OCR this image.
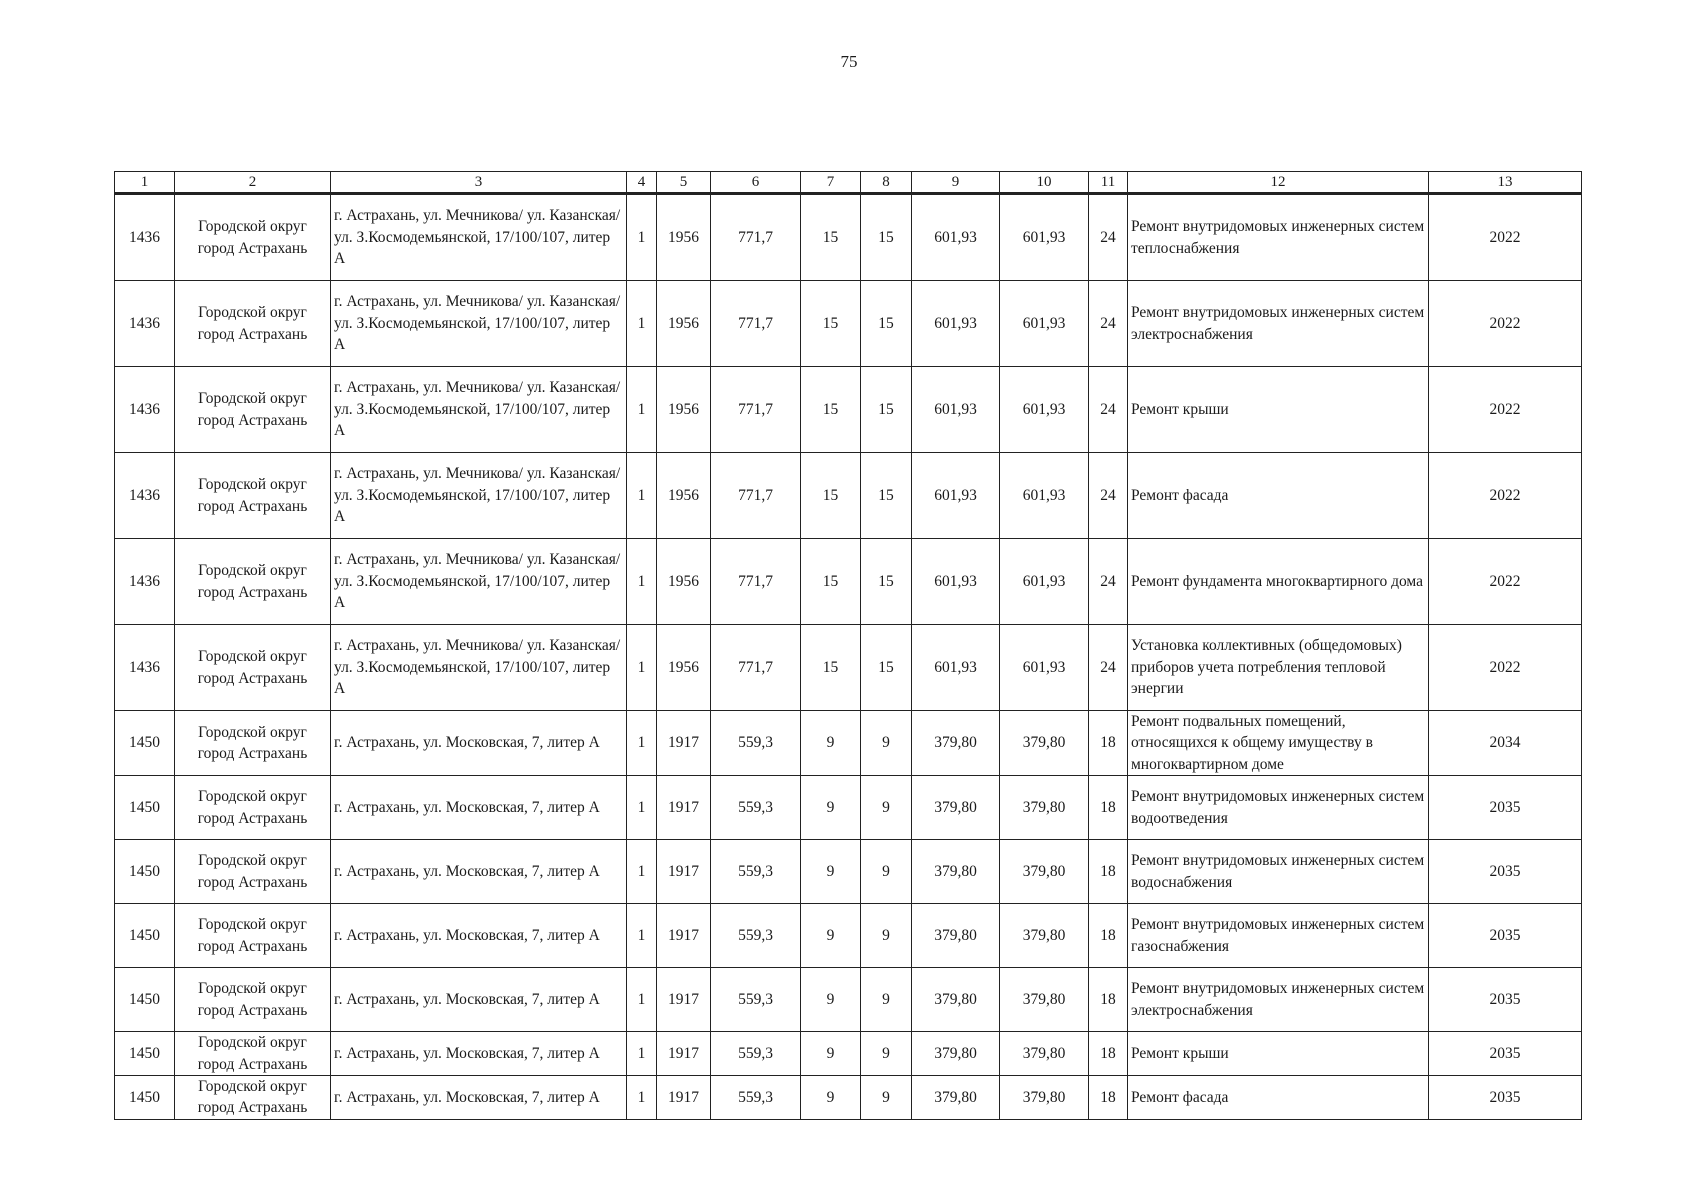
75
1	2	3	4	5	6	7	8	9	10	11	12	13
1436	Городской округ город Астрахань	г. Астрахань, ул. Мечникова/ ул. Казанская/ ул. З.Космодемьянской, 17/100/107, литер А	1	1956	771,7	15	15	601,93	601,93	24	Ремонт внутридомовых инженерных систем теплоснабжения	2022
1436	Городской округ город Астрахань	г. Астрахань, ул. Мечникова/ ул. Казанская/ ул. З.Космодемьянской, 17/100/107, литер А	1	1956	771,7	15	15	601,93	601,93	24	Ремонт внутридомовых инженерных систем электроснабжения	2022
1436	Городской округ город Астрахань	г. Астрахань, ул. Мечникова/ ул. Казанская/ ул. З.Космодемьянской, 17/100/107, литер А	1	1956	771,7	15	15	601,93	601,93	24	Ремонт крыши	2022
1436	Городской округ город Астрахань	г. Астрахань, ул. Мечникова/ ул. Казанская/ ул. З.Космодемьянской, 17/100/107, литер А	1	1956	771,7	15	15	601,93	601,93	24	Ремонт фасада	2022
1436	Городской округ город Астрахань	г. Астрахань, ул. Мечникова/ ул. Казанская/ ул. З.Космодемьянской, 17/100/107, литер А	1	1956	771,7	15	15	601,93	601,93	24	Ремонт фундамента многоквартирного дома	2022
1436	Городской округ город Астрахань	г. Астрахань, ул. Мечникова/ ул. Казанская/ ул. З.Космодемьянской, 17/100/107, литер А	1	1956	771,7	15	15	601,93	601,93	24	Установка коллективных (общедомовых) приборов учета потребления тепловой энергии	2022
1450	Городской округ город Астрахань	г. Астрахань, ул. Московская, 7, литер А	1	1917	559,3	9	9	379,80	379,80	18	Ремонт подвальных помещений, относящихся к общему имуществу в многоквартирном доме	2034
1450	Городской округ город Астрахань	г. Астрахань, ул. Московская, 7, литер А	1	1917	559,3	9	9	379,80	379,80	18	Ремонт внутридомовых инженерных систем водоотведения	2035
1450	Городской округ город Астрахань	г. Астрахань, ул. Московская, 7, литер А	1	1917	559,3	9	9	379,80	379,80	18	Ремонт внутридомовых инженерных систем водоснабжения	2035
1450	Городской округ город Астрахань	г. Астрахань, ул. Московская, 7, литер А	1	1917	559,3	9	9	379,80	379,80	18	Ремонт внутридомовых инженерных систем газоснабжения	2035
1450	Городской округ город Астрахань	г. Астрахань, ул. Московская, 7, литер А	1	1917	559,3	9	9	379,80	379,80	18	Ремонт внутридомовых инженерных систем электроснабжения	2035
1450	Городской округ город Астрахань	г. Астрахань, ул. Московская, 7, литер А	1	1917	559,3	9	9	379,80	379,80	18	Ремонт крыши	2035
1450	Городской округ город Астрахань	г. Астрахань, ул. Московская, 7, литер А	1	1917	559,3	9	9	379,80	379,80	18	Ремонт фасада	2035
